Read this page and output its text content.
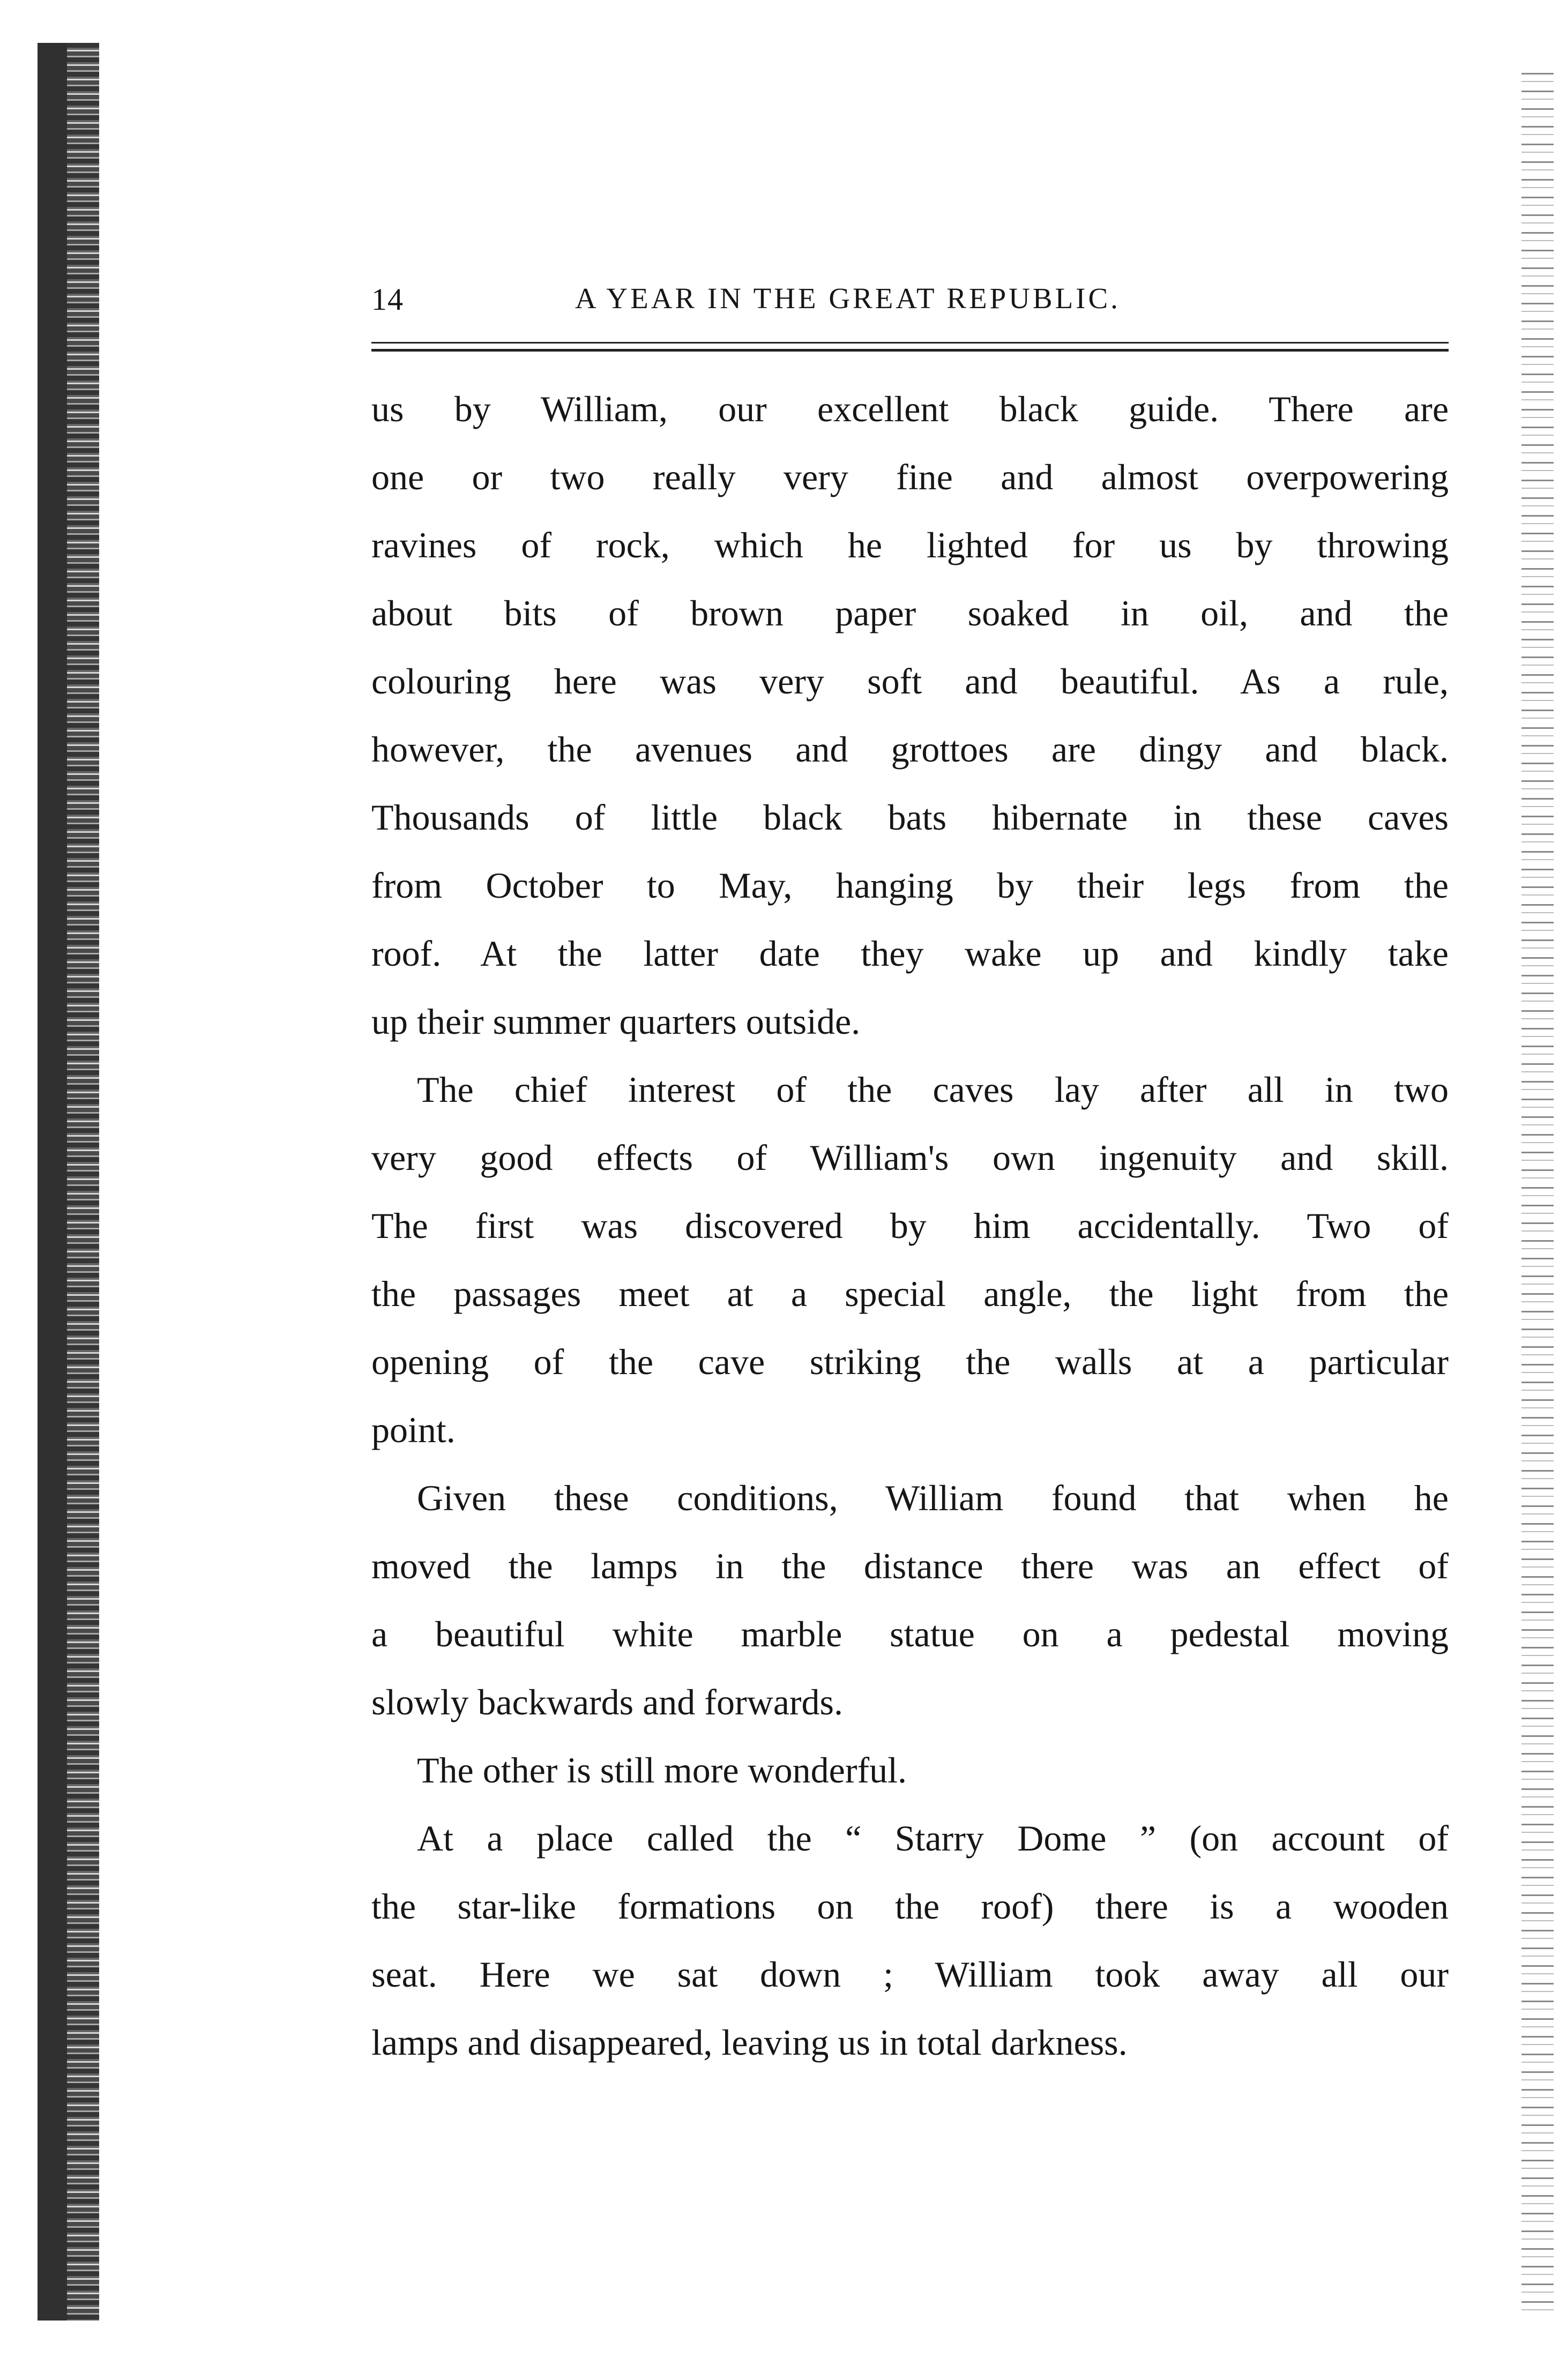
14	A YEAR IN THE GREAT REPUBLIC.
us by William, our excellent black guide. There are
one or two really very fine and almost overpowering
ravines of rock, which he lighted for us by throwing
about bits of brown paper soaked in oil, and the
colouring here was very soft and beautiful. As a rule,
however, the avenues and grottoes are dingy and black.
Thousands of little black bats hibernate in these caves
from October to May, hanging by their legs from the
roof. At the latter date they wake up and kindly take
up their summer quarters outside.
The chief interest of the caves lay after all in two
very good effects of William's own ingenuity and skill.
The first was discovered by him accidentally. Two of
the passages meet at a special angle, the light from the
opening of the cave striking the walls at a particular
point.
Given these conditions, William found that when he
moved the lamps in the distance there was an effect of
a beautiful white marble statue on a pedestal moving
slowly backwards and forwards.
The other is still more wonderful.
At a place called the “ Starry Dome ” (on account of
the star-like formations on the roof) there is a wooden
seat. Here we sat down ; William took away all our
lamps and disappeared, leaving us in total darkness.
